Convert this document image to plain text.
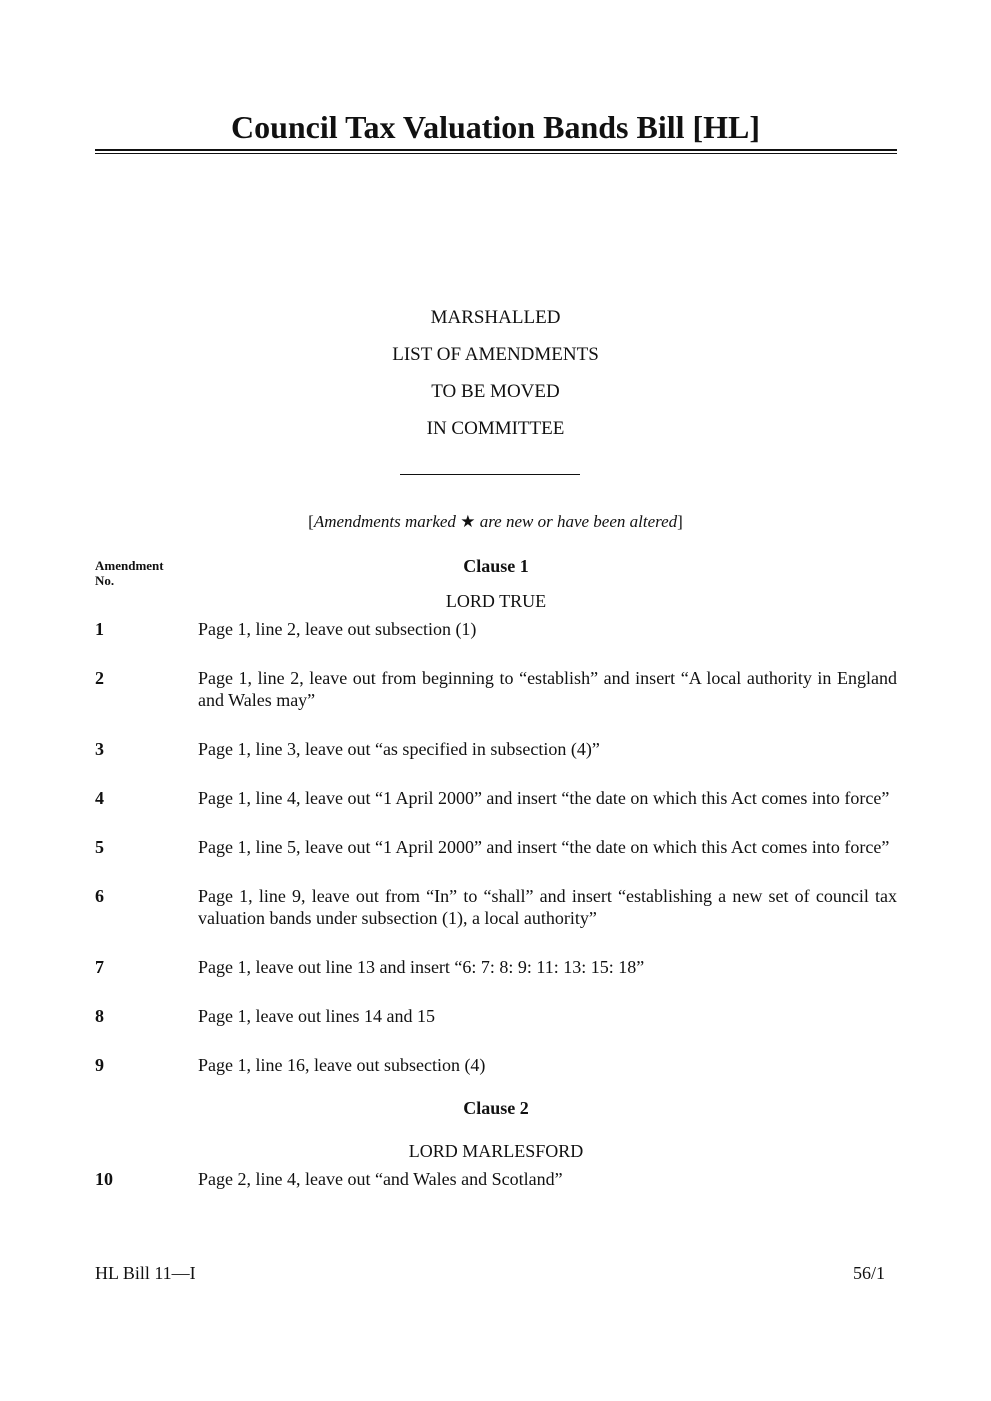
Council Tax Valuation Bands Bill [HL]
MARSHALLED
LIST OF AMENDMENTS
TO BE MOVED
IN COMMITTEE
[Amendments marked ★ are new or have been altered]
Amendment
No.
Clause 1
LORD TRUE
1	Page 1, line 2, leave out subsection (1)
2	Page 1, line 2, leave out from beginning to “establish” and insert “A local authority in England and Wales may”
3	Page 1, line 3, leave out “as specified in subsection (4)”
4	Page 1, line 4, leave out “1 April 2000” and insert “the date on which this Act comes into force”
5	Page 1, line 5, leave out “1 April 2000” and insert “the date on which this Act comes into force”
6	Page 1, line 9, leave out from “In” to “shall” and insert “establishing a new set of council tax valuation bands under subsection (1), a local authority”
7	Page 1, leave out line 13 and insert “6: 7: 8: 9: 11: 13: 15: 18”
8	Page 1, leave out lines 14 and 15
9	Page 1, line 16, leave out subsection (4)
Clause 2
LORD MARLESFORD
10	Page 2, line 4, leave out “and Wales and Scotland”
HL Bill 11—I	56/1
